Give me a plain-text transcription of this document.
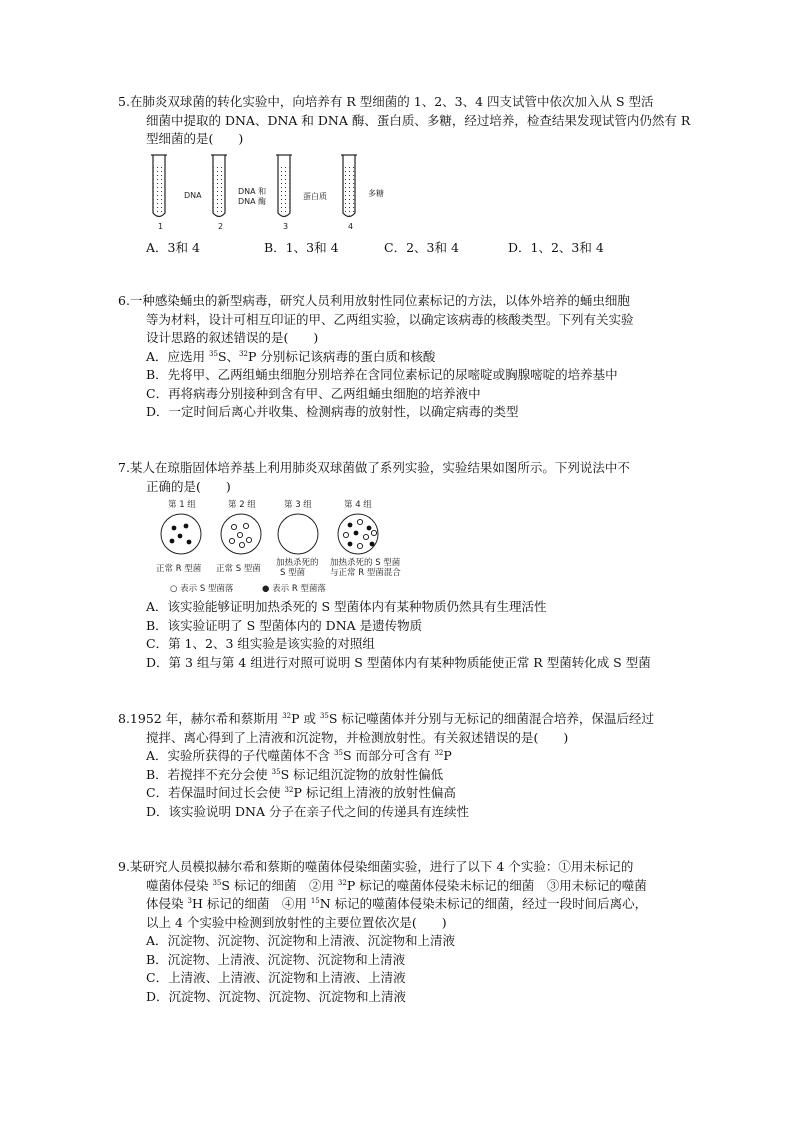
5.在肺炎双球菌的转化实验中，向培养有 R 型细菌的 1、2、3、4 四支试管中依次加入从 S 型活

细菌中提取的 DNA、DNA 和 DNA 酶、蛋白质、多糖，经过培养，检查结果发现试管内仍然有 R

型细菌的是(　　)

DNA	DNA 和
DNA 酶
蛋白质	多糖
1	2	3	4
A．3和 4	B．1、3和 4	C．2、3和 4	D．1、2、3和 4

6.一种感染蛹虫的新型病毒，研究人员利用放射性同位素标记的方法，以体外培养的蛹虫细胞

等为材料，设计可相互印证的甲、乙两组实验，以确定该病毒的核酸类型。下列有关实验

设计思路的叙述错误的是(　　)

A．应选用 $^{35}$S、$^{32}$P 分别标记该病毒的蛋白质和核酸

B．先将甲、乙两组蛹虫细胞分别培养在含同位素标记的尿嘧啶或胸腺嘧啶的培养基中

C．再将病毒分别接种到含有甲、乙两组蛹虫细胞的培养液中

D．一定时间后离心并收集、检测病毒的放射性，以确定病毒的类型

7.某人在琼脂固体培养基上利用肺炎双球菌做了系列实验，实验结果如图所示。下列说法中不

正确的是(　　)

第 1 组	第 2 组	第 3 组	第 4 组
正常 R 型菌 正常 S 型菌
加热杀死的
S 型菌
加热杀死的 S 型菌
与正常 R 型菌混合
○ 表示 S 型菌落	● 表示 R 型菌落

A．该实验能够证明加热杀死的 S 型菌体内有某种物质仍然具有生理活性

B．该实验证明了 S 型菌体内的 DNA 是遗传物质

C．第 1、2、3 组实验是该实验的对照组

D．第 3 组与第 4 组进行对照可说明 S 型菌体内有某种物质能使正常 R 型菌转化成 S 型菌

8.1952 年，赫尔希和蔡斯用 $^{32}$P 或 $^{35}$S 标记噬菌体并分别与无标记的细菌混合培养，保温后经过

搅拌、离心得到了上清液和沉淀物，并检测放射性。有关叙述错误的是(　　)

A．实验所获得的子代噬菌体不含 $^{35}$S 而部分可含有 $^{32}$P

B．若搅拌不充分会使 $^{35}$S 标记组沉淀物的放射性偏低

C．若保温时间过长会使 $^{32}$P 标记组上清液的放射性偏高

D．该实验说明 DNA 分子在亲子代之间的传递具有连续性

9.某研究人员模拟赫尔希和蔡斯的噬菌体侵染细菌实验，进行了以下 4 个实验：①用未标记的

噬菌体侵染 $^{35}$S 标记的细菌　②用 $^{32}$P 标记的噬菌体侵染未标记的细菌　③用未标记的噬菌

体侵染 $^3$H 标记的细菌　④用 $^{15}$N 标记的噬菌体侵染未标记的细菌，经过一段时间后离心，

以上 4 个实验中检测到放射性的主要位置依次是(　　)

A．沉淀物、沉淀物、沉淀物和上清液、沉淀物和上清液

B．沉淀物、上清液、沉淀物、沉淀物和上清液

C．上清液、上清液、沉淀物和上清液、上清液

D．沉淀物、沉淀物、沉淀物、沉淀物和上清液
